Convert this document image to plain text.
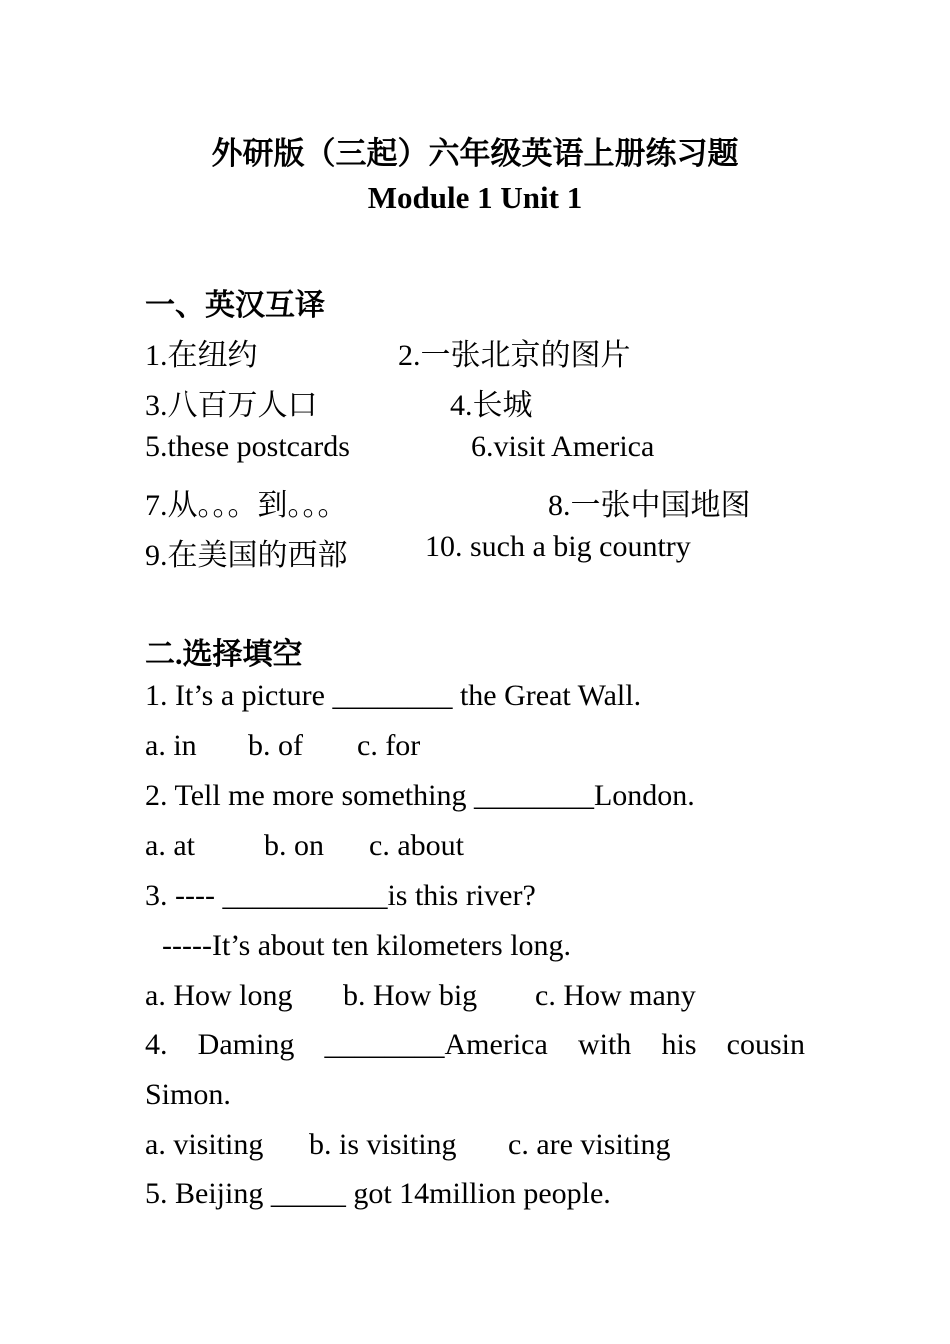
外研版（三起）六年级英语上册练习题
Module 1 Unit 1
一、英汉互译
1.在纽约	2.一张北京的图片
3.八百万人口	4.长城
5.these postcards	6.visit America
7.从。。。到。。。	8.一张中国地图
9.在美国的西部	10. such a big country
二.选择填空
1. It’s a picture ________ the Great Wall.
a. in b. of c. for
2. Tell me more something ________London.
a. at b. on c. about
3. ---- ___________is this river?
-----It’s about ten kilometers long.
a. How long b. How big c. How many
4. Daming ________America with his cousin
Simon.
a. visiting b. is visiting c. are visiting
5. Beijing _____ got 14million people.
